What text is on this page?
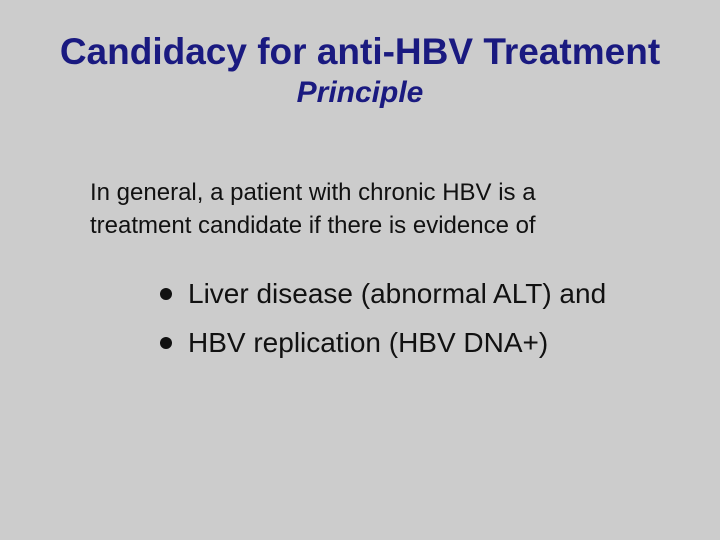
Candidacy for anti-HBV Treatment
Principle
In general, a patient with chronic HBV is a
treatment candidate if there is evidence of
Liver disease (abnormal ALT) and
HBV replication (HBV DNA+)
